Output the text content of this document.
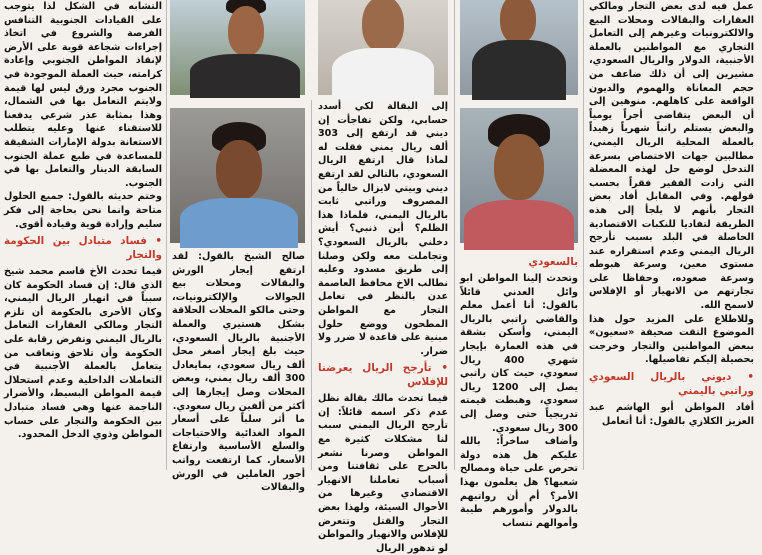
عمل فيه لدى بعض التجار ومالكي العقارات والبقالات ومحلات البيع والالكترونيات وغيرهم إلى التعامل التجاري مع المواطنين بالعملة الأجنبية، الدولار والريال السعودي، مشيرين إلى أن ذلك ضاعف من حجم المعاناة والهموم والديون الواقعة على كاهلهم. منوهين إلى أن البعض يتقاضى أجراً يومياً والبعض يستلم راتباً شهرياً زهيداً بالعملة المحلية الريال اليمني، مطالبين جهات الاختصاص بسرعة التدخل لوضع حل لهذه المعضلة التي زادت الفقير فقراً بحسب قولهم. وفي المقابل أفاد بعض التجار بأنهم لا يلجأ إلى هذه الطريقة لتفاديا للنكبات الاقتصادية الحاصلة في البلد بسبب تأرجح الريال اليمني وعدم استقراره عند مستوى معين، وسرعة هبوطه وسرعة صعوده، وحفاظا على تجارتهم من الانهيار أو الإفلاس لاسمح الله.

وللاطلاع على المزيد حول هذا الموضوع التقت صحيفة «سعيون» ببعض المواطنين والتجار وخرجت بحصيلة إليكم تفاصيلها.

• ديوني بالريال السعودي وراتبي باليمني

أفاد المواطن أبو الهاشم عبد العزيز الكلازي بالقول: أنا أتعامل

بالسعودي

وتحدث إلينا المواطن ابو وائل العدني قائلاً بالقول: أنا أعمل معلم والقاضي راتبي بالريال اليمني، وأسكن بشقة في هذه العمارة بإيجار شهري 400 ريال سعودي، حيث كان راتبي يصل إلى 1200 ريال سعودي، وهبطت قيمته تدريجياً حتى وصل إلى 300 ريال سعودي.

وأضاف ساخراً: بالله عليكم هل هذه دولة تحرص على حياة ومصالح شعبها؟ هل يعلمون بهذا الأمر؟ أم أن رواتبهم بالدولار وأمورهم طيبة وأموالهم تنساب

إلى البقالة لكي أسدد حسابي، ولكن تفاجأت إن ديني قد ارتفع إلى 303 ألف ريال يمني فقلت له لماذا قال ارتفع الريال السعودي، بالتالي لقد ارتفع ديني وبيتي لايزال خالياً من المصروف وراتبي ثابت بالريال اليمني، فلماذا هذا الظلم؟ أين ذنبي؟ أيش دخلني بالريال السعودي؟ وتجاملت معه ولكن وصلنا إلى طريق مسدود وعليه نطالب الاخ محافظ العاصمة عدن بالنظر في تعامل التجار مع المواطن المطحون ووضع حلول مبنية على قاعدة لا ضرر ولا ضرار.

• تأرجح الريال يعرضنا للإفلاس

فيما تحدث مالك بقالة نظل عدم ذكر اسمه قائلاً: إن تأرجح الريال اليمني سبب لنا مشكلات كثيرة مع المواطن وصرنا نشعر بالحرج على ثقافتنا ومن أسباب تعاملنا الانهيار الاقتصادي وغيرها من الأحوال السيئة، ولهذا بعض التجار والقتل وتتعرض للإفلاس والانهيار والمواطن لو تدهور الريال

صالح الشيخ بالقول: لقد ارتفع إيجار الورش والبقالات ومحلات بيع الجوالات والإلكترونيات، وحتى مالكو المحلات الحلاقة بشكل هستيري والعملة الأجنبية بالريال السعودي، حيث بلغ إيجار أصغر محل ألف ريال سعودي، بمايعادل 300 ألف ريال يمني، وبعض المحلات وصل إيجارها إلى أكثر من ألفين ريال سعودي.

ما أثر سلباً على أسعار المواد الغذائية والاحتياجات والسلع الأساسية وارتفاع الأسعار. كما ارتفعت رواتب أجور العاملين في الورش والبقالات

التشابه في الشكل لذا يتوجب على القيادات الجنوبية التنافس الفرصة والشروع في اتخاذ إجراءات شجاعة قوية على الأرض لإنقاذ المواطن الجنوبي وإعادة كرامته، حيث العملة الموجودة في الجنوب مجرد ورق ليس لها قيمة ولايتم التعامل بها في الشمال، وهذا بمثابة عذر شرعي يدفعنا للاستقناء عنها وعليه يتطلب الاستعانة بدولة الإمارات الشقيقة للمساعدة في طبع عملة الجنوب السابقة الدينار والتعامل بها في الجنوب.

وختم حديثه بالقول: جميع الحلول متاحة وانما نحن بحاجة إلى فكر سليم وإرادة قوية وقيادة أقوى.

• فساد متبادل بين الحكومة والتجار

فيما تحدث الأخ قاسم محمد شيخ الذي قال: إن فساد الحكومة كان سبباً في انهيار الريال اليمني، وكان الأحرى بالحكومة أن تلزم التجار ومالكي العقارات التعامل بالريال اليمني وتفرض رقابة على الحكومة وأن تلاحق وتعاقب من يتعامل بالعملة الأجنبية في التعاملات الداخلية وعدم استحلال قيمة المواطن البسيط، والأضرار الناجمة عنها وهي فساد متبادل بين الحكومة والتجار على حساب المواطن وذوي الدخل المحدود.
